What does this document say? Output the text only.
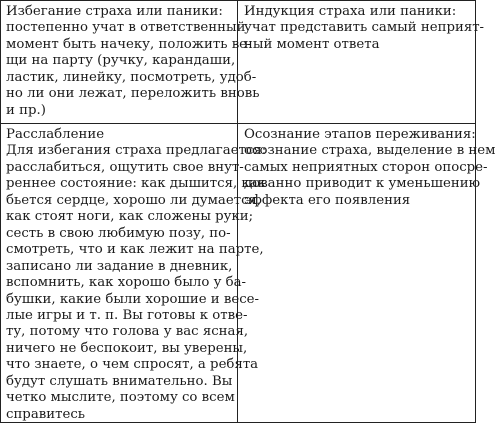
Избегание страха или паники:
постепенно учат в ответственный
момент быть начеку, положить ве-
щи на парту (ручку, карандаши,
ластик, линейку, посмотреть, удоб-
но ли они лежат, переложить вновь
и пр.)
Индукция страха или паники:
учат представить самый неприят-
ный момент ответа
Расслабление
Для избегания страха предлагается:
расслабиться, ощутить свое внут-
реннее состояние: как дышится, как
бьется сердце, хорошо ли думается,
как стоят ноги, как сложены руки;
сесть в свою любимую позу, по-
смотреть, что и как лежит на парте,
записано ли задание в дневник,
вспомнить, как хорошо было у ба-
бушки, какие были хорошие и весе-
лые игры и т. п. Вы готовы к отве-
ту, потому что голова у вас ясная,
ничего не беспокоит, вы уверены,
что знаете, о чем спросят, а ребята
будут слушать внимательно. Вы
четко мыслите, поэтому со всем
справитесь
Осознание этапов переживания:
осознание страха, выделение в нем
самых неприятных сторон опосре-
дованно приводит к уменьшению
эффекта его появления
